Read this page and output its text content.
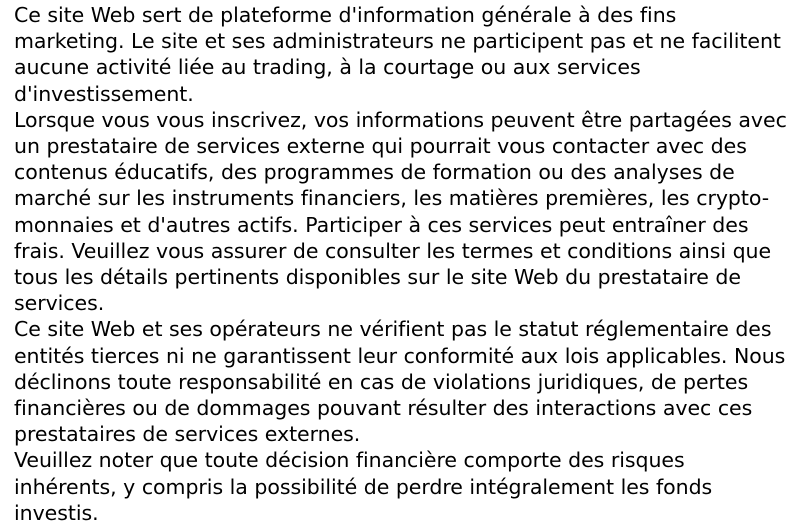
Ce site Web sert de plateforme d'information générale à des fins marketing. Le site et ses administrateurs ne participent pas et ne facilitent aucune activité liée au trading, à la courtage ou aux services d'investissement.

Lorsque vous vous inscrivez, vos informations peuvent être partagées avec un prestataire de services externe qui pourrait vous contacter avec des contenus éducatifs, des programmes de formation ou des analyses de marché sur les instruments financiers, les matières premières, les crypto-monnaies et d'autres actifs. Participer à ces services peut entraîner des frais. Veuillez vous assurer de consulter les termes et conditions ainsi que tous les détails pertinents disponibles sur le site Web du prestataire de services.

Ce site Web et ses opérateurs ne vérifient pas le statut réglementaire des entités tierces ni ne garantissent leur conformité aux lois applicables. Nous déclinons toute responsabilité en cas de violations juridiques, de pertes financières ou de dommages pouvant résulter des interactions avec ces prestataires de services externes.

Veuillez noter que toute décision financière comporte des risques inhérents, y compris la possibilité de perdre intégralement les fonds investis.
